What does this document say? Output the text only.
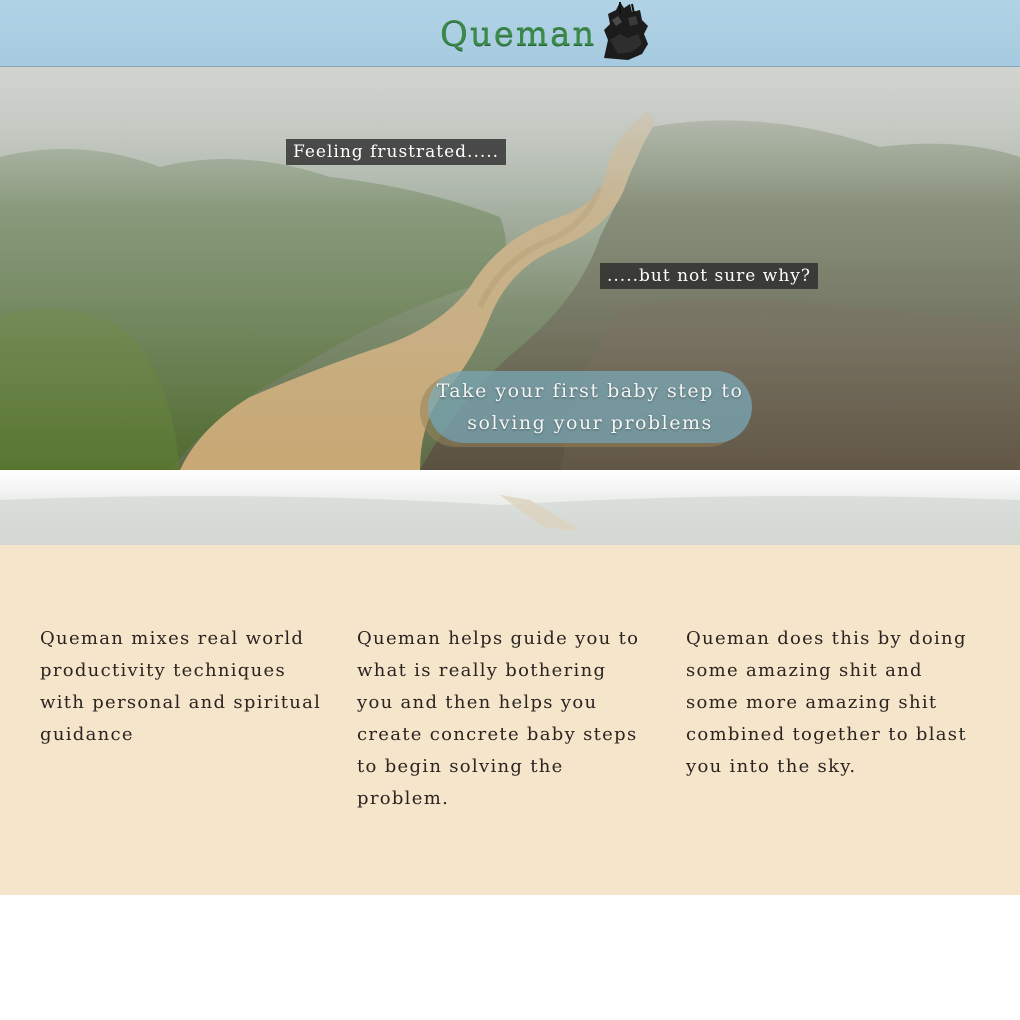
Queman
Feeling frustrated.....
.....but not sure why?
Take your first baby step to
solving your problems
Queman mixes real world productivity techniques with personal and spiritual guidance
Queman helps guide you to what is really bothering you and then helps you create concrete baby steps to begin solving the problem.
Queman does this by doing some amazing shit and some more amazing shit combined together to blast you into the sky.
